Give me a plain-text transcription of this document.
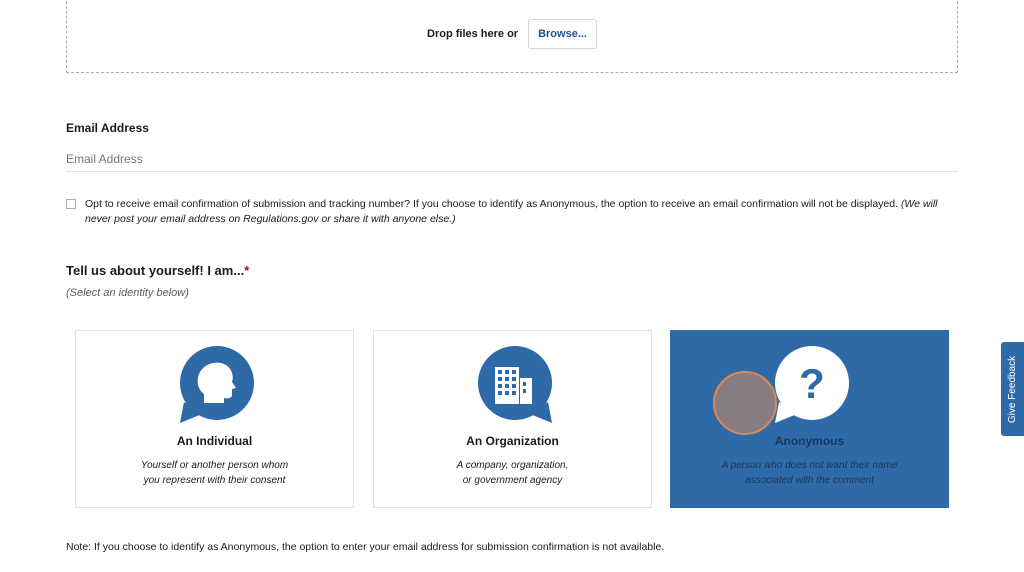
Drop files here or	Browse...
Email Address
Email Address
Opt to receive email confirmation of submission and tracking number? If you choose to identify as Anonymous, the option to receive an email confirmation will not be displayed. (We will never post your email address on Regulations.gov or share it with anyone else.)
Tell us about yourself! I am...*
(Select an identity below)
An Individual
Yourself or another person whom
you represent with their consent
An Organization
A company, organization,
or government agency
?
Anonymous
A person who does not want their name
associated with the comment
Note: If you choose to identify as Anonymous, the option to enter your email address for submission confirmation is not available.
Give Feedback
